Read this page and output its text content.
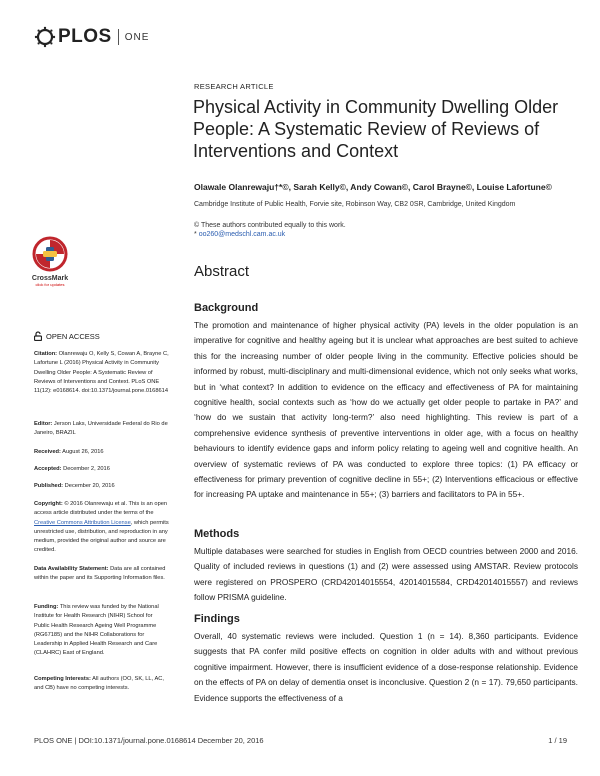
PLOS ONE
RESEARCH ARTICLE
Physical Activity in Community Dwelling Older People: A Systematic Review of Reviews of Interventions and Context
Olawale Olanrewaju†*©, Sarah Kelly©, Andy Cowan©, Carol Brayne©, Louise Lafortune©
Cambridge Institute of Public Health, Forvie site, Robinson Way, CB2 0SR, Cambridge, United Kingdom
© These authors contributed equally to this work.
* oo260@medschl.cam.ac.uk
Abstract
Background
The promotion and maintenance of higher physical activity (PA) levels in the older population is an imperative for cognitive and healthy ageing but it is unclear what approaches are best suited to achieve this for the increasing number of older people living in the community. Effective policies should be informed by robust, multi-disciplinary and multi-dimensional evidence, which not only seeks what works, but in ‘what context? In addition to evidence on the efficacy and effectiveness of PA for maintaining cognitive health, social contexts such as ‘how do we actually get older people to partake in PA?’ and ‘how do we sustain that activity long-term?’ also need highlighting. This review is part of a comprehensive evidence synthesis of preventive interventions in older age, with a focus on healthy behaviours to identify evidence gaps and inform policy relating to ageing well and cognitive health. An overview of systematic reviews of PA was conducted to explore three topics: (1) PA efficacy or effectiveness for primary prevention of cognitive decline in 55+; (2) Interventions efficacious or effective for increasing PA uptake and maintenance in 55+; (3) barriers and facilitators to PA in 55+.
Methods
Multiple databases were searched for studies in English from OECD countries between 2000 and 2016. Quality of included reviews in questions (1) and (2) were assessed using AMSTAR. Review protocols were registered on PROSPERO (CRD42014015554, 42014015584, CRD42014015557) and reviews follow PRISMA guideline.
Findings
Overall, 40 systematic reviews were included. Question 1 (n = 14). 8,360 participants. Evidence suggests that PA confer mild positive effects on cognition in older adults with and without previous cognitive impairment. However, there is insufficient evidence of a dose-response relationship. Evidence on the effects of PA on delay of dementia onset is inconclusive. Question 2 (n = 17). 79,650 participants. Evidence supports the effectiveness of a
CrossMark
click for updates
OPEN ACCESS
Citation: Olanrewaju O, Kelly S, Cowan A, Brayne C, Lafortune L (2016) Physical Activity in Community Dwelling Older People: A Systematic Review of Reviews of Interventions and Context. PLoS ONE 11(12): e0168614. doi:10.1371/journal.pone.0168614
Editor: Jerson Laks, Universidade Federal do Rio de Janeiro, BRAZIL
Received: August 26, 2016
Accepted: December 2, 2016
Published: December 20, 2016
Copyright: © 2016 Olanrewaju et al. This is an open access article distributed under the terms of the Creative Commons Attribution License, which permits unrestricted use, distribution, and reproduction in any medium, provided the original author and source are credited.
Data Availability Statement: Data are all contained within the paper and its Supporting Information files.
Funding: This review was funded by the National Institute for Health Research (NIHR) School for Public Health Research Ageing Well Programme (RG67185) and the NIHR Collaborations for Leadership in Applied Health Research and Care (CLAHRC) East of England.
Competing Interests: All authors (OO, SK, LL, AC, and CB) have no competing interests.
PLOS ONE | DOI:10.1371/journal.pone.0168614 December 20, 2016	1 / 19
